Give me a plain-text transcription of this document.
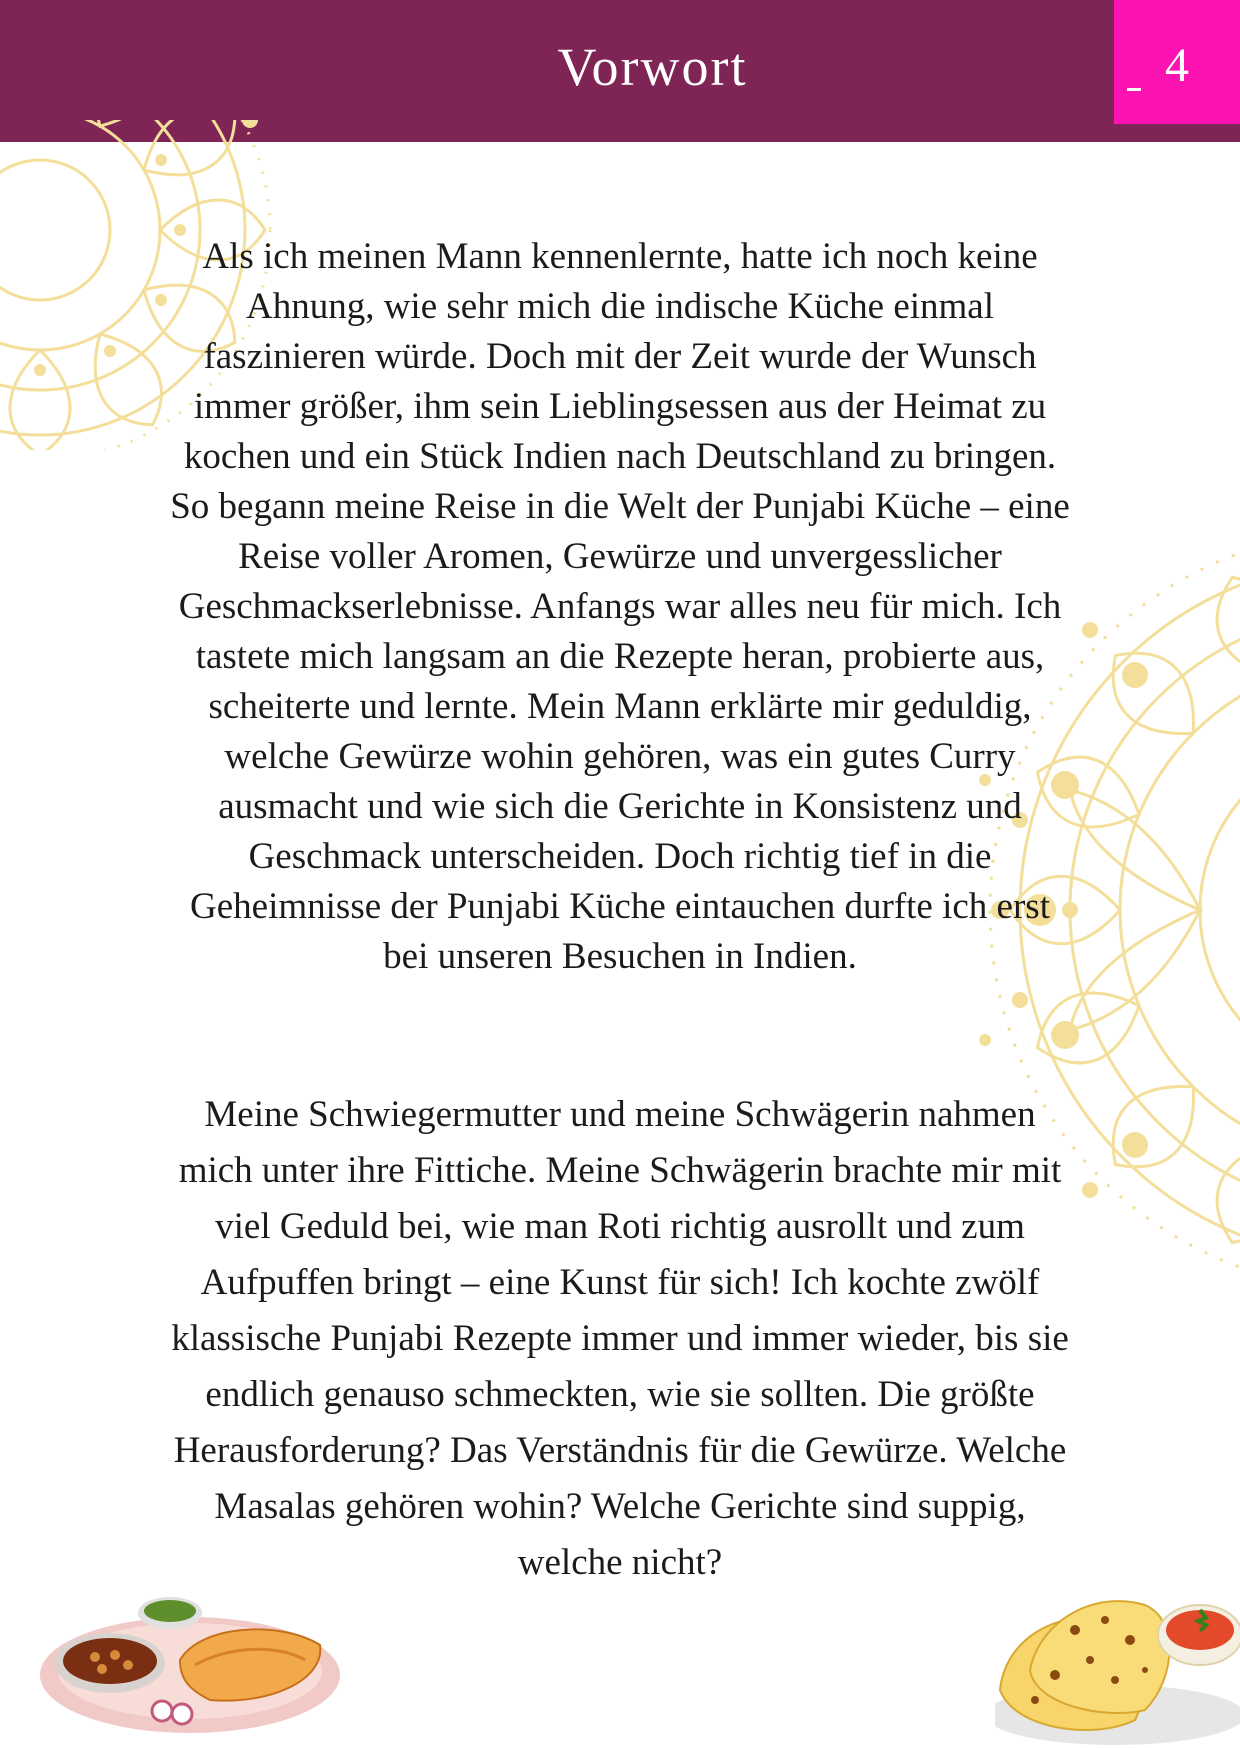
Vorwort	4

Als ich meinen Mann kennenlernte, hatte ich noch keine Ahnung, wie sehr mich die indische Küche einmal faszinieren würde. Doch mit der Zeit wurde der Wunsch immer größer, ihm sein Lieblingsessen aus der Heimat zu kochen und ein Stück Indien nach Deutschland zu bringen. So begann meine Reise in die Welt der Punjabi Küche – eine Reise voller Aromen, Gewürze und unvergesslicher Geschmackserlebnisse. Anfangs war alles neu für mich. Ich tastete mich langsam an die Rezepte heran, probierte aus, scheiterte und lernte. Mein Mann erklärte mir geduldig, welche Gewürze wohin gehören, was ein gutes Curry ausmacht und wie sich die Gerichte in Konsistenz und Geschmack unterscheiden. Doch richtig tief in die Geheimnisse der Punjabi Küche eintauchen durfte ich erst bei unseren Besuchen in Indien.

Meine Schwiegermutter und meine Schwägerin nahmen mich unter ihre Fittiche. Meine Schwägerin brachte mir mit viel Geduld bei, wie man Roti richtig ausrollt und zum Aufpuffen bringt – eine Kunst für sich! Ich kochte zwölf klassische Punjabi Rezepte immer und immer wieder, bis sie endlich genauso schmeckten, wie sie sollten. Die größte Herausforderung? Das Verständnis für die Gewürze. Welche Masalas gehören wohin? Welche Gerichte sind suppig, welche nicht?
